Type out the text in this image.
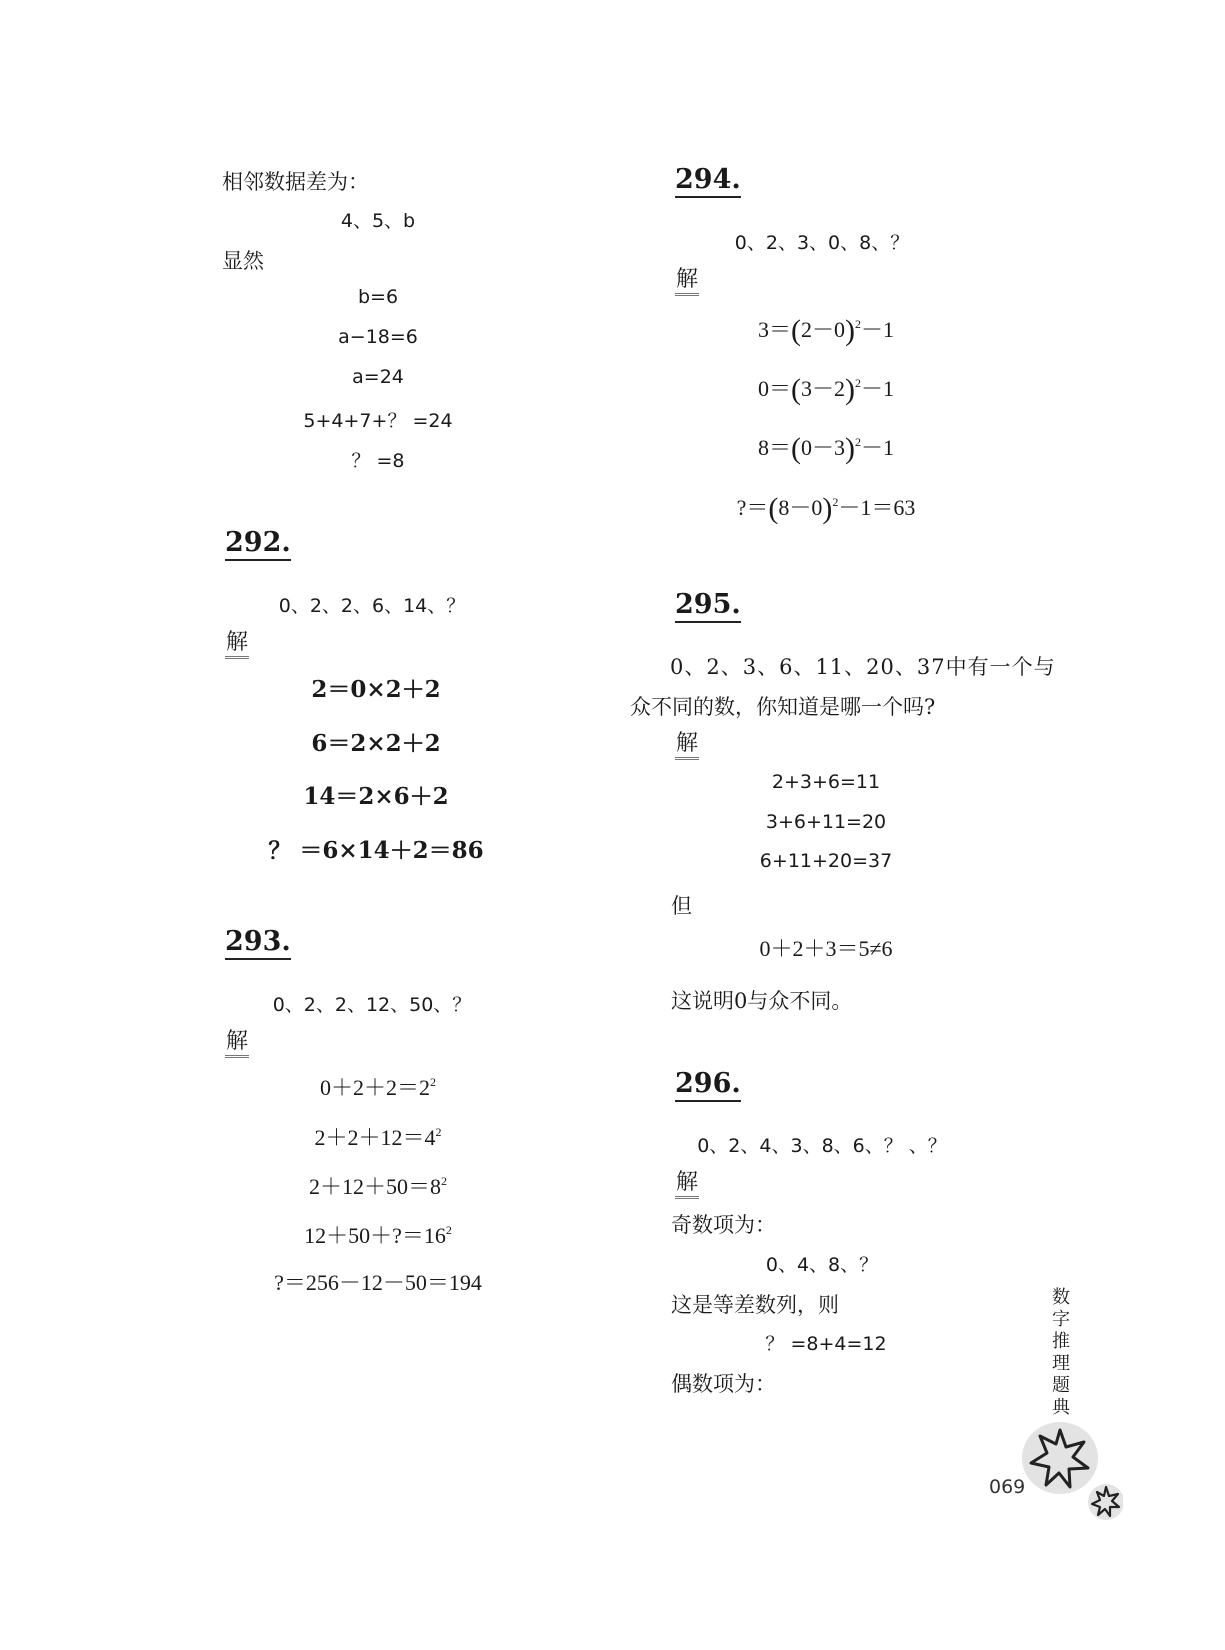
相邻数据差为：
4、5、b
显然
b=6
a−18=6
a=24
5+4+7+？ =24
？ =8
292.
0、2、2、6、14、？
解
2＝0×2＋2
6＝2×2＋2
14＝2×6＋2
？ ＝6×14＋2＝86
293.
0、2、2、12、50、？
解
$0+2+2=2^2$
$2+2+12=4^2$
$2+12+50=8^2$
$12+50+?=16^2$
?＝256－12－50＝194
294.
0、2、3、0、8、？
解
$3=(2-0)^2-1$
$0=(3-2)^2-1$
$8=(0-3)^2-1$
$?=(8-0)^2-1=63$
295.
0、2、3、6、11、20、37中有一个与
众不同的数，你知道是哪一个吗?
解
2+3+6=11
3+6+11=20
6+11+20=37
但
0＋2＋3＝5≠6
这说明0与众不同。
296.
0、2、4、3、8、6、？ 、？
解
奇数项为：
0、4、8、？
这是等差数列，则
？ =8+4=12
偶数项为：
数
字
推
理
题
典
069
